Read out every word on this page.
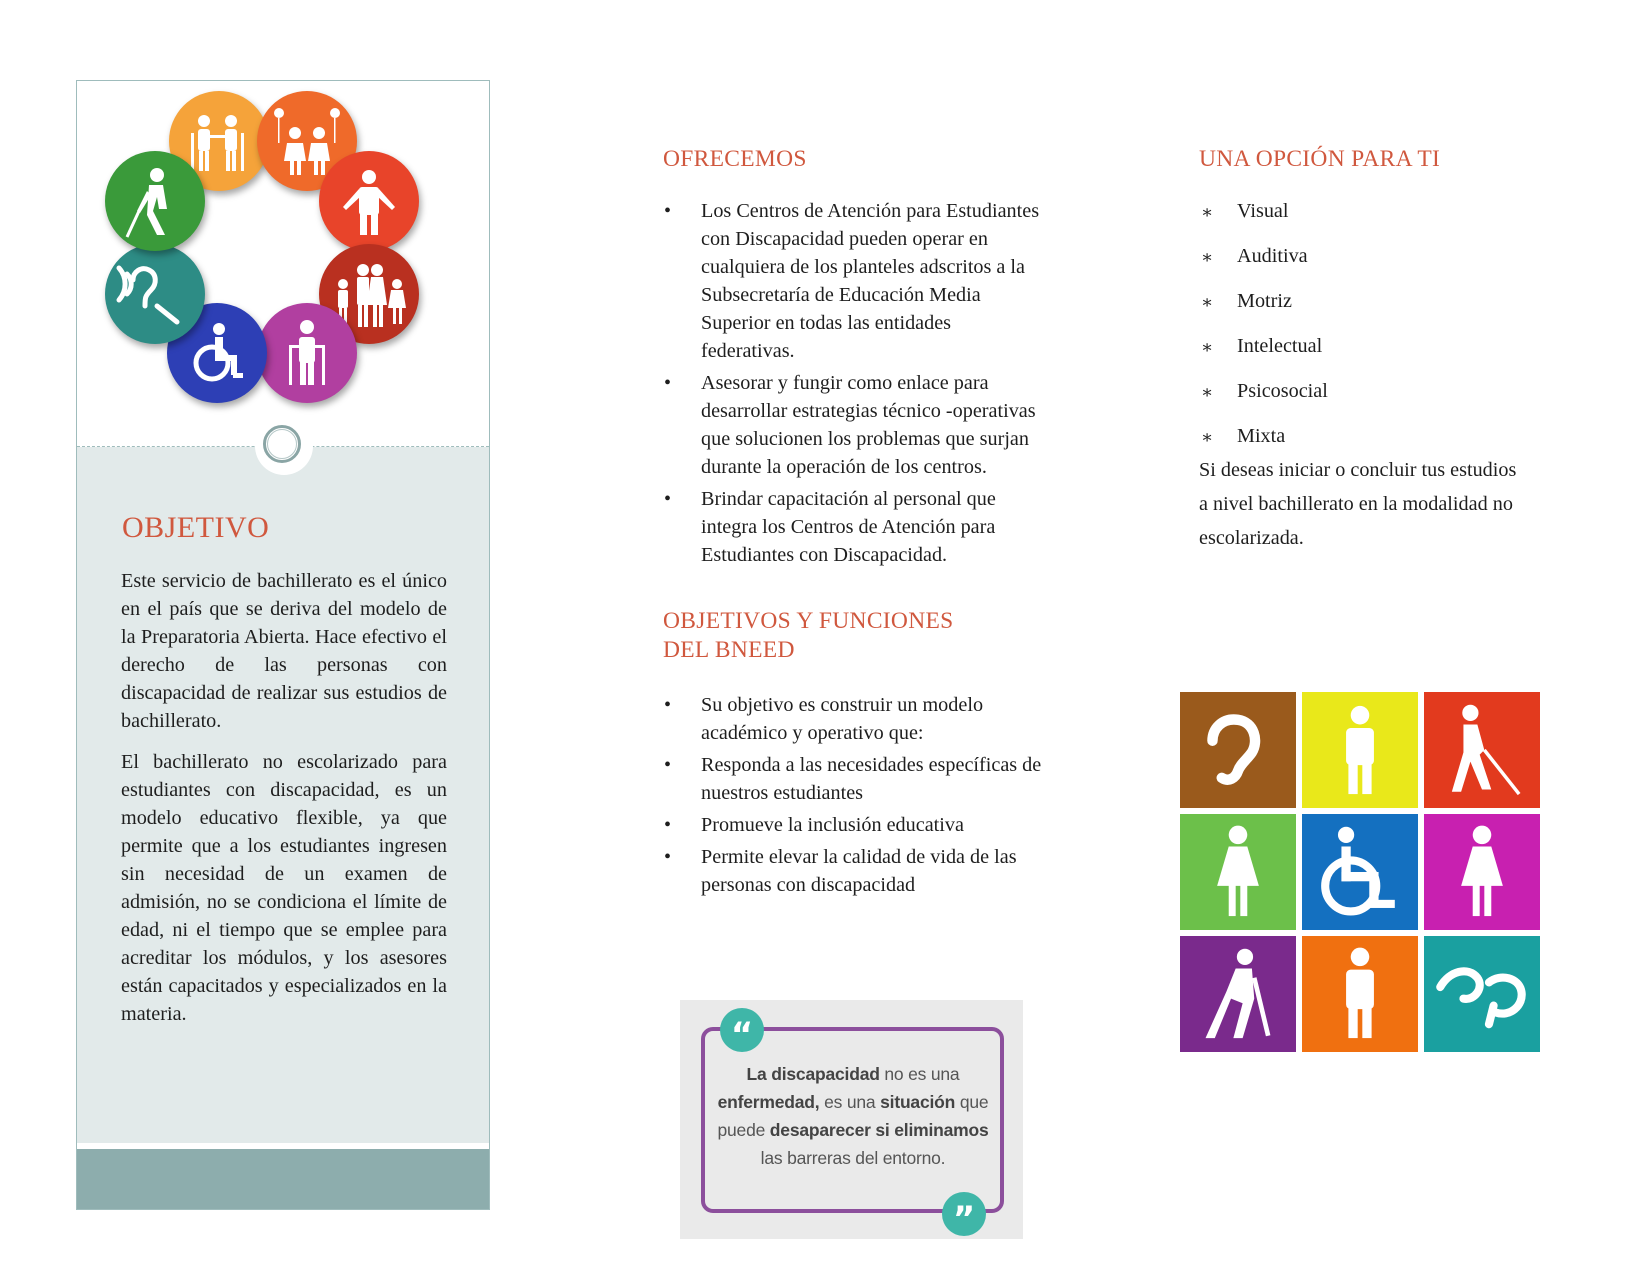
OBJETIVO

Este servicio de bachillerato es el único en el país que se deriva del modelo de la Preparatoria Abierta. Hace efectivo el derecho de las personas con discapacidad de realizar sus estudios de bachillerato.

El bachillerato no escolarizado para estudiantes con discapacidad, es un modelo educativo flexible, ya que permite que a los estudiantes ingresen sin necesidad de un examen de admisión, no se condiciona el límite de edad, ni el tiempo que se emplee para acreditar los módulos, y los asesores están capacitados y especializados en la materia.

OFRECEMOS
• Los Centros de Atención para Estudiantes con Discapacidad pueden operar en cualquiera de los planteles adscritos a la Subsecretaría de Educación Media Superior en todas las entidades federativas.
• Asesorar y fungir como enlace para desarrollar estrategias técnico -operativas que solucionen los problemas que surjan durante la operación de los centros.
• Brindar capacitación al personal que integra los Centros de Atención para Estudiantes con Discapacidad.
OBJETIVOS Y FUNCIONES DEL BNEED
• Su objetivo es construir un modelo académico y operativo que:
• Responda a las necesidades específicas de nuestros estudiantes
• Promueve la inclusión educativa
• Permite elevar la calidad de vida de las personas con discapacidad
“
”
La discapacidad no es una enfermedad, es una situación que puede desaparecer si eliminamos las barreras del entorno.
UNA OPCIÓN PARA TI
∗ Visual
∗ Auditiva
∗ Motriz
∗ Intelectual
∗ Psicosocial
∗ Mixta

Si deseas iniciar o concluir tus estudios a nivel bachillerato en la modalidad no escolarizada.
